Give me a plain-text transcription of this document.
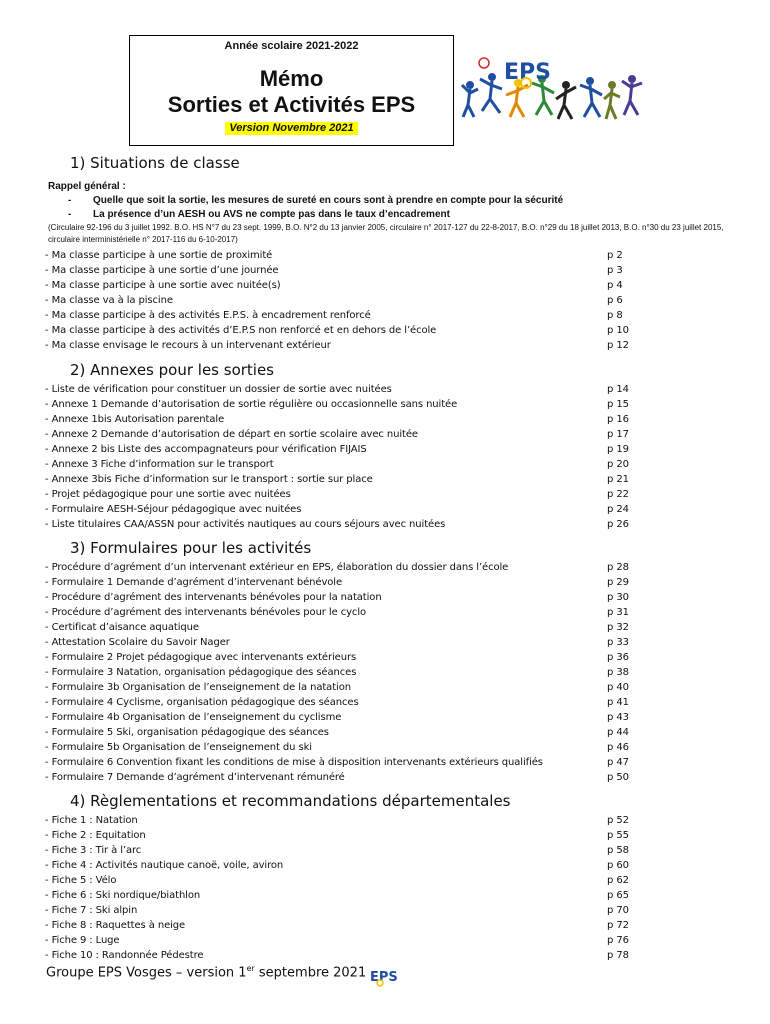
Année scolaire 2021-2022
Mémo
Sorties et Activités EPS
Version Novembre 2021
EPS
1) Situations de classe
Rappel général :
- Quelle que soit la sortie, les mesures de sureté en cours sont à prendre en compte pour la sécurité
- La présence d’un AESH ou AVS ne compte pas dans le taux d’encadrement
(Circulaire 92-196 du 3 juillet 1992. B.O. HS N°7 du 23 sept. 1999, B.O. N°2 du 13 janvier 2005, circulaire n° 2017-127 du 22-8-2017, B.O. n°29 du 18 juillet 2013, B.O. n°30 du 23 juillet 2015, circulaire interministérielle n° 2017-116 du 6-10-2017)
- Ma classe participe à une sortie de proximité	p 2
- Ma classe participe à une sortie d’une journée	p 3
- Ma classe participe à une sortie avec nuitée(s)	p 4
- Ma classe va à la piscine	p 6
- Ma classe participe à des activités E.P.S. à encadrement renforcé	p 8
- Ma classe participe à des activités d’E.P.S non renforcé et en dehors de l’école	p 10
- Ma classe envisage le recours à un intervenant extérieur	p 12
2) Annexes pour les sorties
- Liste de vérification pour constituer un dossier de sortie avec nuitées	p 14
- Annexe 1 Demande d’autorisation de sortie régulière ou occasionnelle sans nuitée	p 15
- Annexe 1bis Autorisation parentale	p 16
- Annexe 2 Demande d’autorisation de départ en sortie scolaire avec nuitée	p 17
- Annexe 2 bis Liste des accompagnateurs pour vérification FIJAIS	p 19
- Annexe 3 Fiche d’information sur le transport	p 20
- Annexe 3bis Fiche d’information sur le transport : sortie sur place	p 21
- Projet pédagogique pour une sortie avec nuitées	p 22
- Formulaire AESH-Séjour pédagogique avec nuitées	p 24
- Liste titulaires CAA/ASSN pour activités nautiques au cours séjours avec nuitées	p 26
3) Formulaires pour les activités
- Procédure d’agrément d’un intervenant extérieur en EPS, élaboration du dossier dans l’école	p 28
- Formulaire 1 Demande d’agrément d’intervenant bénévole	p 29
- Procédure d’agrément des intervenants bénévoles pour la natation	p 30
- Procédure d’agrément des intervenants bénévoles pour le cyclo	p 31
- Certificat d’aisance aquatique	p 32
- Attestation Scolaire du Savoir Nager	p 33
- Formulaire 2 Projet pédagogique avec intervenants extérieurs	p 36
- Formulaire 3 Natation, organisation pédagogique des séances	p 38
- Formulaire 3b Organisation de l’enseignement de la natation	p 40
- Formulaire 4 Cyclisme, organisation pédagogique des séances	p 41
- Formulaire 4b Organisation de l’enseignement du cyclisme	p 43
- Formulaire 5 Ski, organisation pédagogique des séances	p 44
- Formulaire 5b Organisation de l’enseignement du ski	p 46
- Formulaire 6 Convention fixant les conditions de mise à disposition intervenants extérieurs qualifiés	p 47
- Formulaire 7 Demande d’agrément d’intervenant rémunéré	p 50
4) Règlementations et recommandations départementales
- Fiche 1 : Natation	p 52
- Fiche 2 : Equitation	p 55
- Fiche 3 : Tir à l’arc	p 58
- Fiche 4 : Activités nautique canoë, voile, aviron	p 60
- Fiche 5 : Vélo	p 62
- Fiche 6 : Ski nordique/biathlon	p 65
- Fiche 7 : Ski alpin	p 70
- Fiche 8 : Raquettes à neige	p 72
- Fiche 9 : Luge	p 76
- Fiche 10 : Randonnée Pédestre	p 78
Groupe EPS Vosges – version 1er septembre 2021 EPS
